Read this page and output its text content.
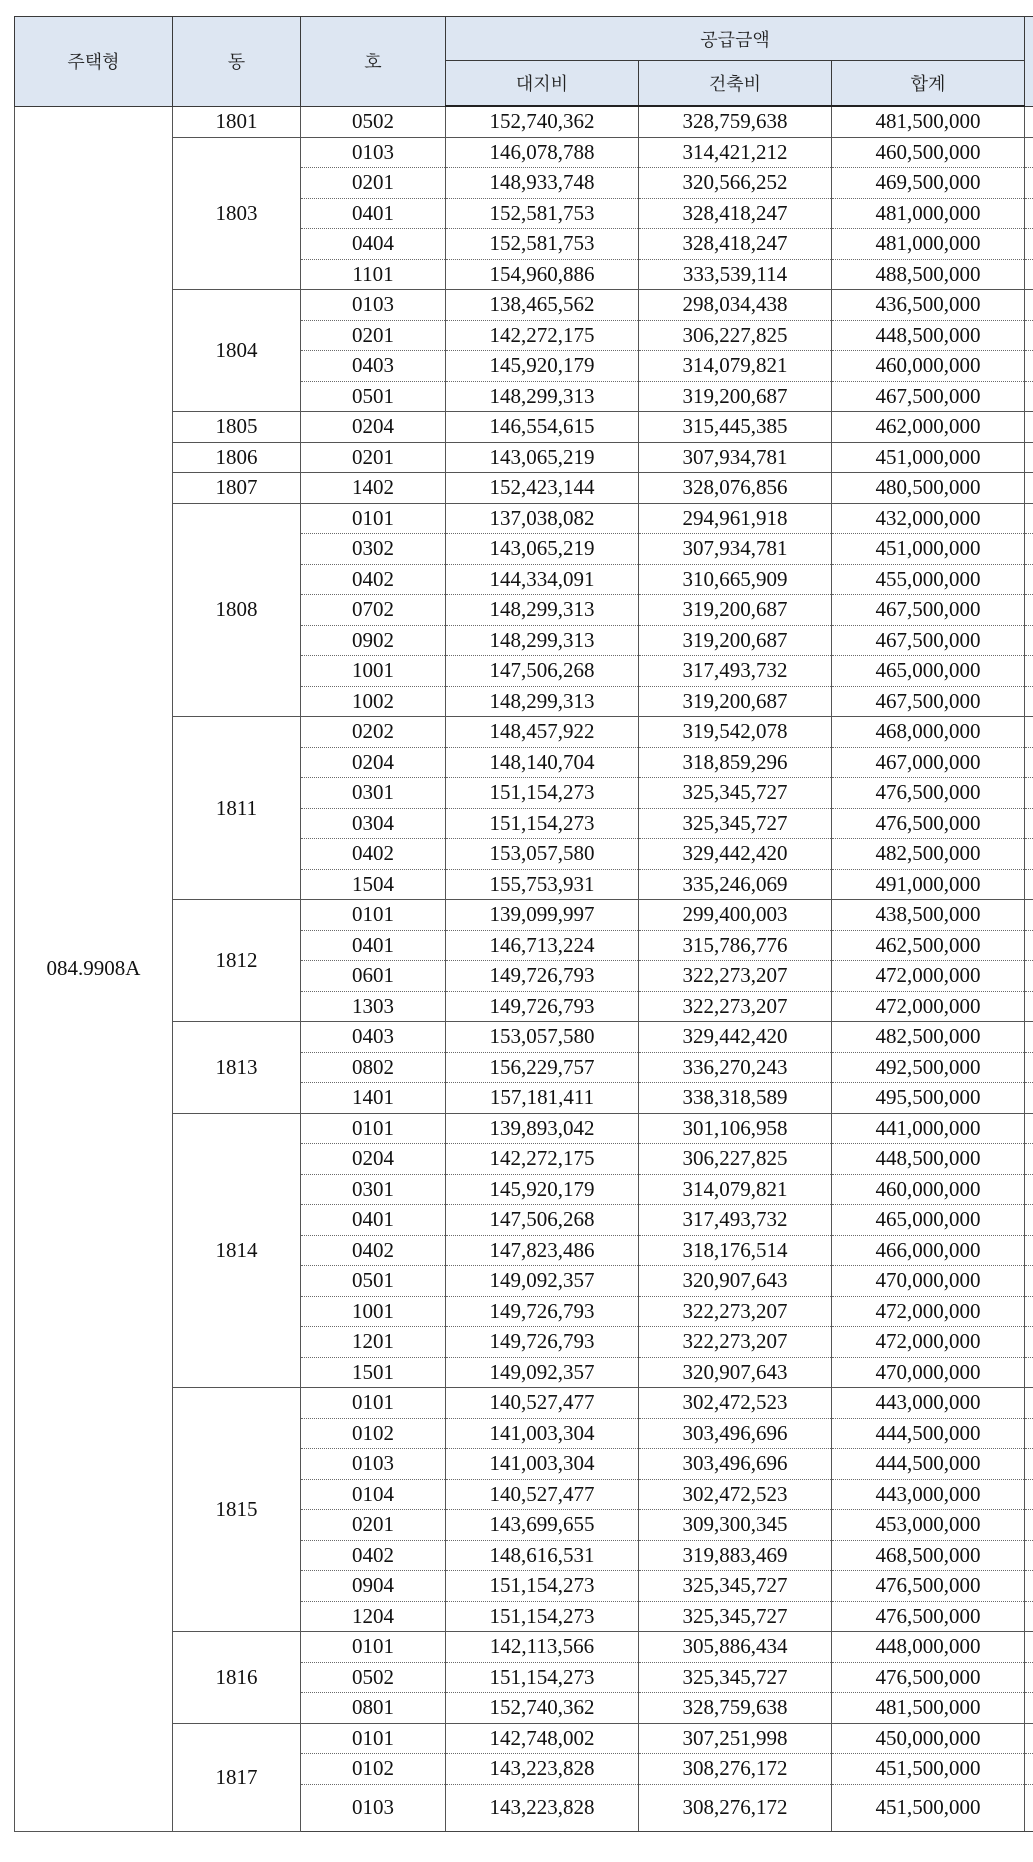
주택형	동	호	공급금액			
			대지비	건축비	합계	
084.9908A	1801	0502	152,740,362	328,759,638	481,500,000	
	1803	0103	146,078,788	314,421,212	460,500,000	
		0201	148,933,748	320,566,252	469,500,000	
		0401	152,581,753	328,418,247	481,000,000	
		0404	152,581,753	328,418,247	481,000,000	
		1101	154,960,886	333,539,114	488,500,000	
	1804	0103	138,465,562	298,034,438	436,500,000	
		0201	142,272,175	306,227,825	448,500,000	
		0403	145,920,179	314,079,821	460,000,000	
		0501	148,299,313	319,200,687	467,500,000	
	1805	0204	146,554,615	315,445,385	462,000,000	
	1806	0201	143,065,219	307,934,781	451,000,000	
	1807	1402	152,423,144	328,076,856	480,500,000	
	1808	0101	137,038,082	294,961,918	432,000,000	
		0302	143,065,219	307,934,781	451,000,000	
		0402	144,334,091	310,665,909	455,000,000	
		0702	148,299,313	319,200,687	467,500,000	
		0902	148,299,313	319,200,687	467,500,000	
		1001	147,506,268	317,493,732	465,000,000	
		1002	148,299,313	319,200,687	467,500,000	
	1811	0202	148,457,922	319,542,078	468,000,000	
		0204	148,140,704	318,859,296	467,000,000	
		0301	151,154,273	325,345,727	476,500,000	
		0304	151,154,273	325,345,727	476,500,000	
		0402	153,057,580	329,442,420	482,500,000	
		1504	155,753,931	335,246,069	491,000,000	
	1812	0101	139,099,997	299,400,003	438,500,000	
		0401	146,713,224	315,786,776	462,500,000	
		0601	149,726,793	322,273,207	472,000,000	
		1303	149,726,793	322,273,207	472,000,000	
	1813	0403	153,057,580	329,442,420	482,500,000	
		0802	156,229,757	336,270,243	492,500,000	
		1401	157,181,411	338,318,589	495,500,000	
	1814	0101	139,893,042	301,106,958	441,000,000	
		0204	142,272,175	306,227,825	448,500,000	
		0301	145,920,179	314,079,821	460,000,000	
		0401	147,506,268	317,493,732	465,000,000	
		0402	147,823,486	318,176,514	466,000,000	
		0501	149,092,357	320,907,643	470,000,000	
		1001	149,726,793	322,273,207	472,000,000	
		1201	149,726,793	322,273,207	472,000,000	
		1501	149,092,357	320,907,643	470,000,000	
	1815	0101	140,527,477	302,472,523	443,000,000	
		0102	141,003,304	303,496,696	444,500,000	
		0103	141,003,304	303,496,696	444,500,000	
		0104	140,527,477	302,472,523	443,000,000	
		0201	143,699,655	309,300,345	453,000,000	
		0402	148,616,531	319,883,469	468,500,000	
		0904	151,154,273	325,345,727	476,500,000	
		1204	151,154,273	325,345,727	476,500,000	
	1816	0101	142,113,566	305,886,434	448,000,000	
		0502	151,154,273	325,345,727	476,500,000	
		0801	152,740,362	328,759,638	481,500,000	
	1817	0101	142,748,002	307,251,998	450,000,000	
		0102	143,223,828	308,276,172	451,500,000	
		0103	143,223,828	308,276,172	451,500,000	
